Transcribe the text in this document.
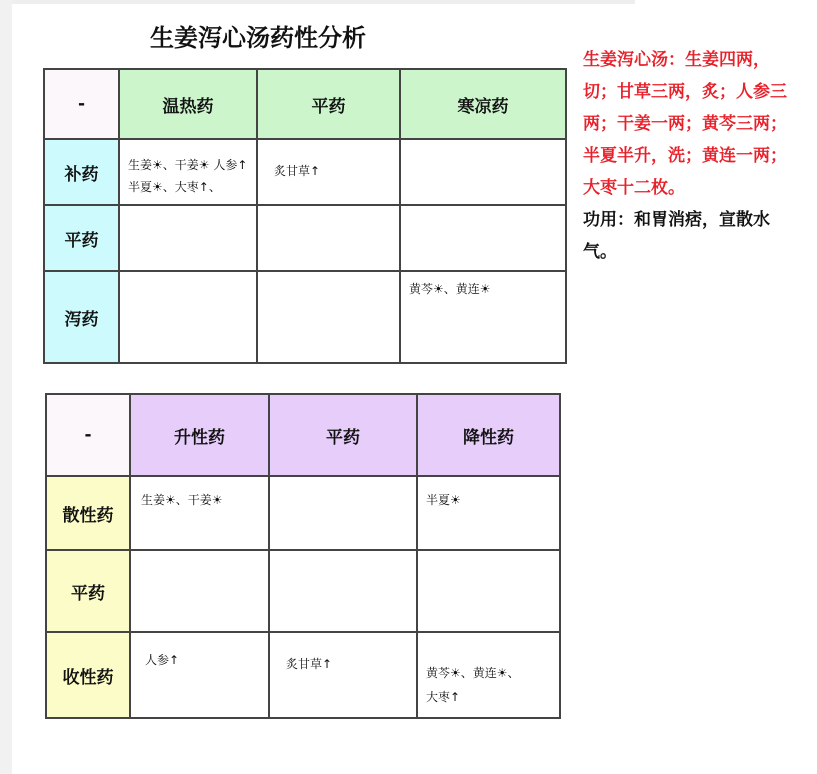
生姜泻心汤药性分析
-	温热药	平药	寒凉药
补药	生姜☀、干姜☀ 人参↑
半夏☀、大枣↑、	炙甘草↑	

平药	

泻药			黄芩☀、黄连☀
-	升性药	平药	降性药
散性药	生姜☀、干姜☀		半夏☀

平药	

收性药	人参↑	炙甘草↑	黄芩☀、黄连☀、
大枣↑
生姜泻心汤：生姜四两，切；甘草三两，炙；人参三两；干姜一两；黄芩三两；半夏半升，洗；黄连一两；大枣十二枚。
功用：和胃消痞，宣散水气。
